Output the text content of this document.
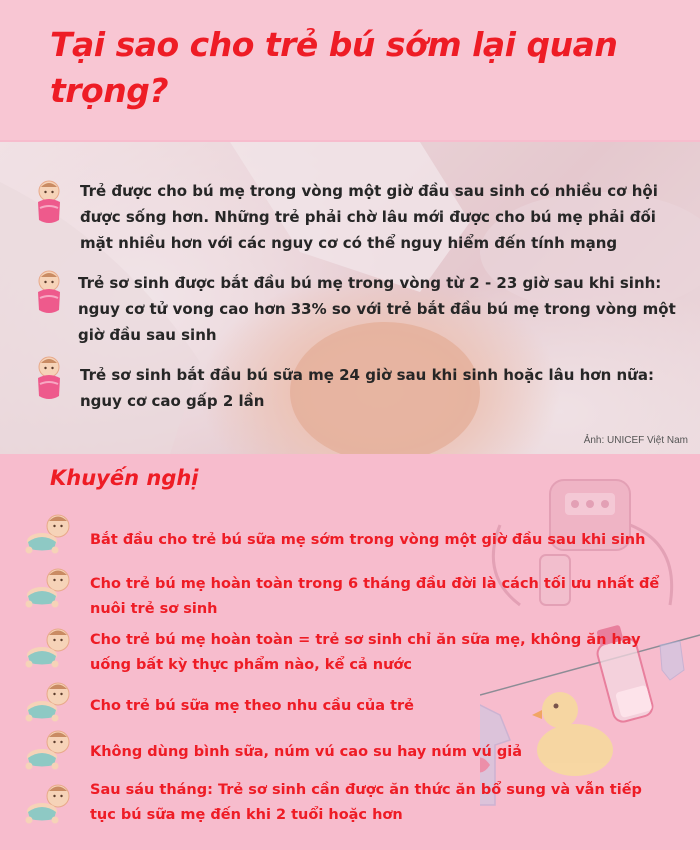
Tại sao cho trẻ bú sớm lại quan trọng?

Trẻ được cho bú mẹ trong vòng một giờ đầu sau sinh có nhiều cơ hội được sống hơn. Những trẻ phải chờ lâu mới được cho bú mẹ phải đối mặt nhiều hơn với các nguy cơ có thể nguy hiểm đến tính mạng

Trẻ sơ sinh được bắt đầu bú mẹ trong vòng từ 2 - 23 giờ sau khi sinh: nguy cơ tử vong cao hơn 33% so với trẻ bắt đầu bú mẹ trong vòng một giờ đầu sau sinh

Trẻ sơ sinh bắt đầu bú sữa mẹ 24 giờ sau khi sinh hoặc lâu hơn nữa: nguy cơ cao gấp 2 lần

Ảnh: UNICEF Việt Nam
Khuyến nghị

Bắt đầu cho trẻ bú sữa mẹ sớm trong vòng một giờ đầu sau khi sinh

Cho trẻ bú mẹ hoàn toàn trong 6 tháng đầu đời là cách tối ưu nhất để nuôi trẻ sơ sinh

Cho trẻ bú mẹ hoàn toàn = trẻ sơ sinh chỉ ăn sữa mẹ, không ăn hay uống bất kỳ thực phẩm nào, kể cả nước

Cho trẻ bú sữa mẹ theo nhu cầu của trẻ

Không dùng bình sữa, núm vú cao su hay núm vú giả

Sau sáu tháng: Trẻ sơ sinh cần được ăn thức ăn bổ sung và vẫn tiếp tục bú sữa mẹ đến khi 2 tuổi hoặc hơn
